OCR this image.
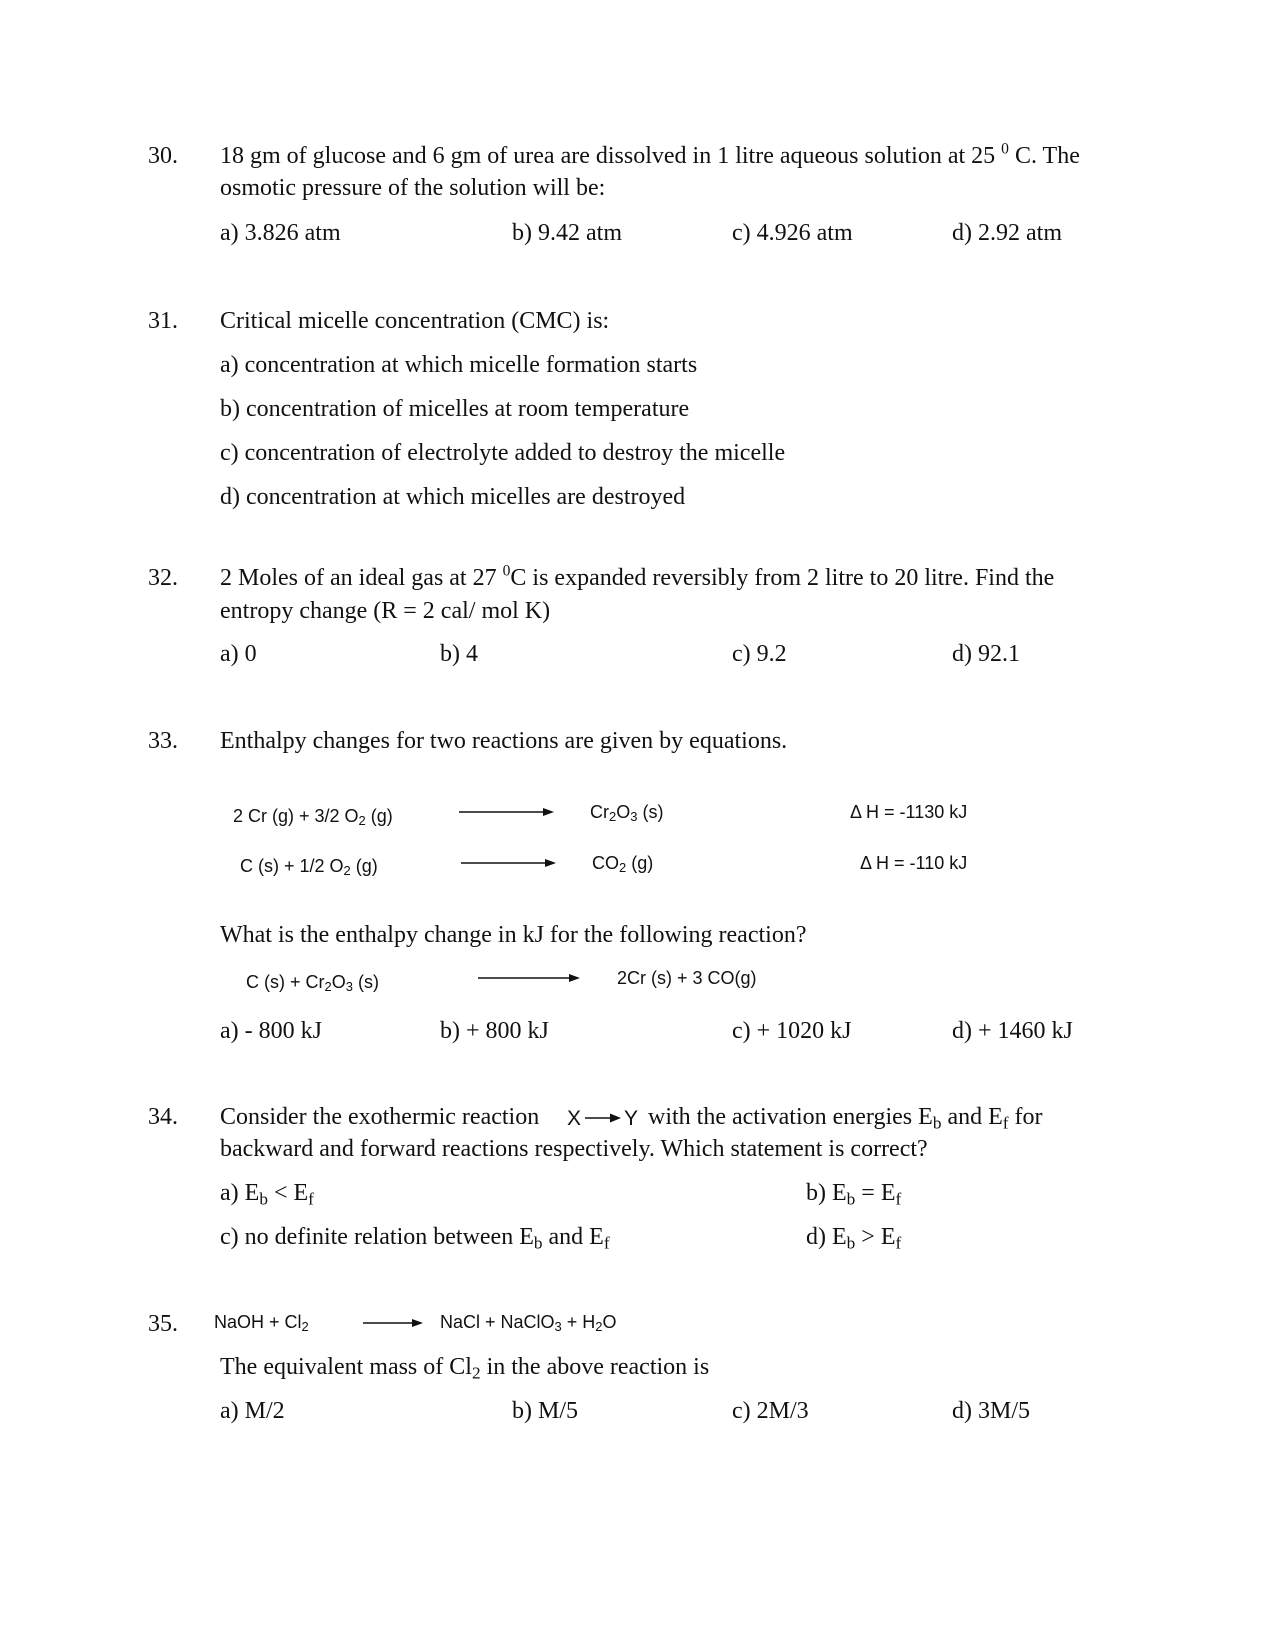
30. 18 gm of glucose and 6 gm of urea are dissolved in 1 litre aqueous solution at 25 $^0$ C. The
osmotic pressure of the solution will be:
a) 3.826 atm	b) 9.42 atm	c) 4.926 atm	d) 2.92 atm
31. Critical micelle concentration (CMC) is:
a) concentration at which micelle formation starts
b) concentration of micelles at room temperature
c) concentration of electrolyte added to destroy the micelle
d) concentration at which micelles are destroyed
32. 2 Moles of an ideal gas at 27 $^0$C is expanded reversibly from 2 litre to 20 litre. Find the
entropy change (R = 2 cal/ mol K)
a) 0	b) 4	c) 9.2	d) 92.1
33. Enthalpy changes for two reactions are given by equations.
2 Cr (g) + 3/2 $O_2$ (g)	$Cr_2O_3$ (s)	Δ H = -1130 kJ
C (s) + 1/2 $O_2$ (g)	$CO_2$ (g)	Δ H = -110 kJ
What is the enthalpy change in kJ for the following reaction?
C $(s) + Cr_2O_3$ (s)	2Cr (s) + 3 CO(g)
a) - 800 kJ	b) + 800 kJ	c) + 1020 kJ	d) + 1460 kJ
34. Consider the exothermic reaction X → Y with the activation energies $E_b$ and $E_f$ for
backward and forward reactions respectively. Which statement is correct?
a) $E_b < E_f$	b) $E_b = E_f$
c) no definite relation between $E_b$ and $E_f$	d) $E_b > E_f$
35. NaOH + $Cl_2$	→ NaCl + NaClO$_3$ + $H_2O$
The equivalent mass of $Cl_2$ in the above reaction is
a) M/2	b) M/5	c) 2M/3	d) 3M/5
